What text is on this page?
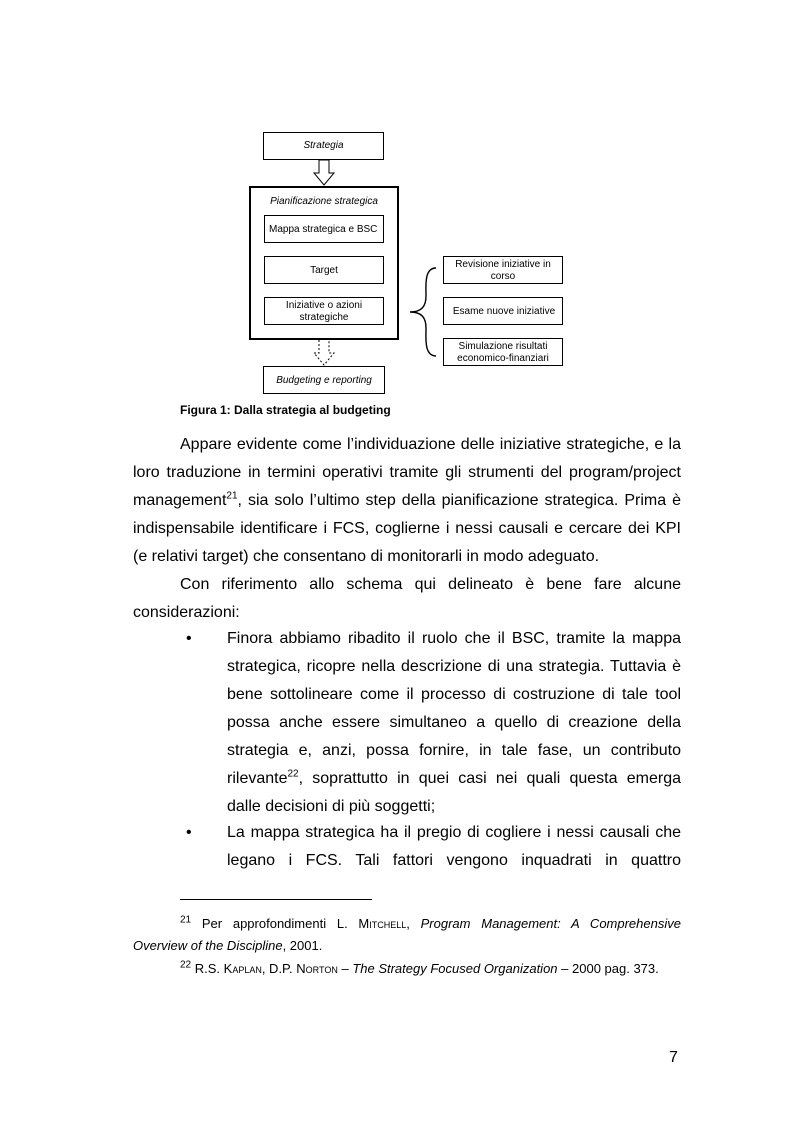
Strategia
Pianificazione strategica
Mappa strategica e BSC
Target
Iniziative o azioni strategiche
Budgeting e reporting
Revisione iniziative in corso
Esame nuove iniziative
Simulazione risultati economico-finanziari
Figura 1: Dalla strategia al budgeting

Appare evidente come l’individuazione delle iniziative strategiche, e la loro traduzione in termini operativi tramite gli strumenti del program/project management$^{21}$, sia solo l’ultimo step della pianificazione strategica. Prima è indispensabile identificare i FCS, coglierne i nessi causali e cercare dei KPI (e relativi target) che consentano di monitorarli in modo adeguato.

Con riferimento allo schema qui delineato è bene fare alcune considerazioni:

• Finora abbiamo ribadito il ruolo che il BSC, tramite la mappa strategica, ricopre nella descrizione di una strategia. Tuttavia è bene sottolineare come il processo di costruzione di tale tool possa anche essere simultaneo a quello di creazione della strategia e, anzi, possa fornire, in tale fase, un contributo rilevante$^{22}$, soprattutto in quei casi nei quali questa emerga dalle decisioni di più soggetti;

• La mappa strategica ha il pregio di cogliere i nessi causali che legano i FCS. Tali fattori vengono inquadrati in quattro

$^{21}$ Per approfondimenti L. Mitchell, Program Management: A Comprehensive Overview of the Discipline, 2001.

$^{22}$ R.S. Kaplan, D.P. Norton – The Strategy Focused Organization – 2000 pag. 373.

7
